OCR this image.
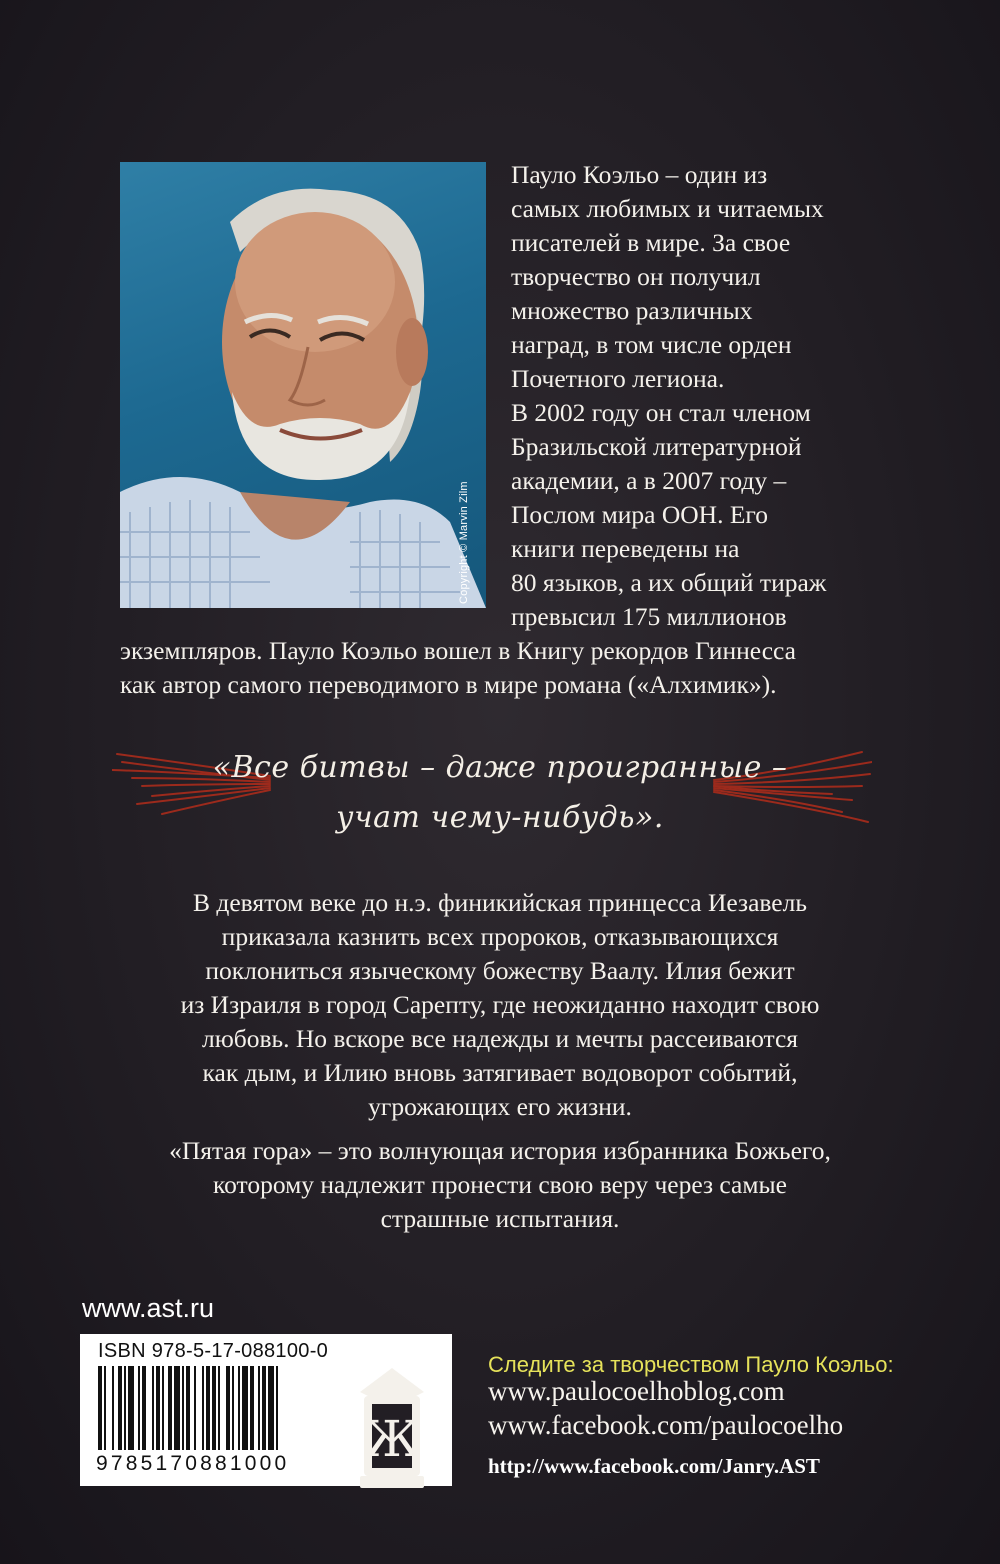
Copyright © Marvin Zilm
Пауло Коэльо – один из
самых любимых и читаемых
писателей в мире. За свое
творчество он получил
множество различных
наград, в том числе орден
Почетного легиона.
В 2002 году он стал членом
Бразильской литературной
академии, а в 2007 году –
Послом мира ООН. Его
книги переведены на
80 языков, а их общий тираж
превысил 175 миллионов
экземпляров. Пауло Коэльо вошел в Книгу рекордов Гиннесса
как автор самого переводимого в мире романа («Алхимик»).
«Все битвы – даже проигранные –
учат чему-нибудь».
В девятом веке до н.э. финикийская принцесса Иезавель
приказала казнить всех пророков, отказывающихся
поклониться языческому божеству Ваалу. Илия бежит
из Израиля в город Сарепту, где неожиданно находит свою
любовь. Но вскоре все надежды и мечты рассеиваются
как дым, и Илию вновь затягивает водоворот событий,
угрожающих его жизни.
«Пятая гора» – это волнующая история избранника Божьего,
которому надлежит пронести свою веру через самые
страшные испытания.
www.ast.ru
ISBN 978-5-17-088100-0
9785170881000 Ж
Следите за творчеством Пауло Коэльо:
www.paulocoelhoblog.com
www.facebook.com/paulocoelho
http://www.facebook.com/Janry.AST
